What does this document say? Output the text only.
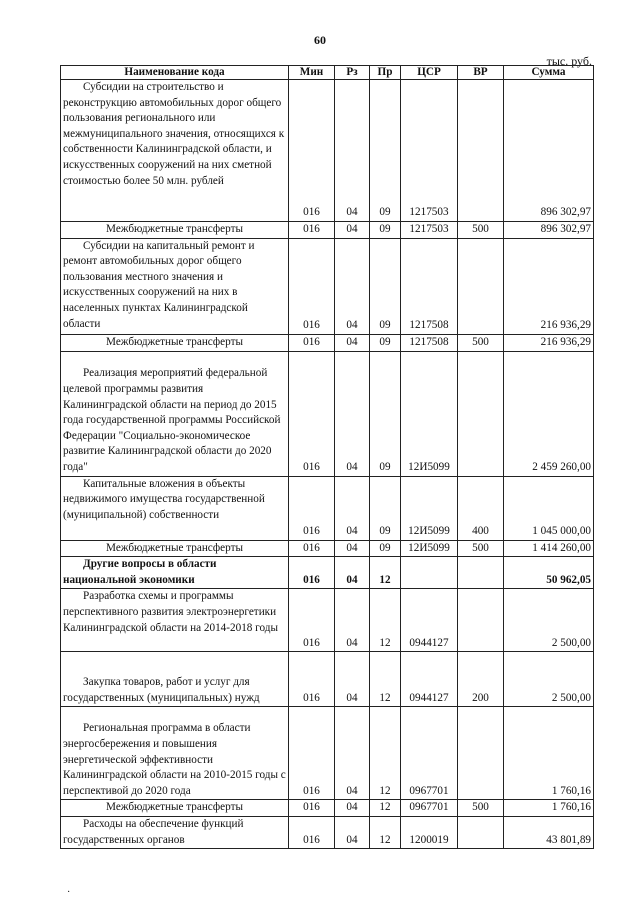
60
тыс. руб.
Наименование кода	Мин	Рз	Пр	ЦСР	ВР	Сумма

Субсидии на строительство и реконструкцию автомобильных дорог общего пользования регионального или межмуниципального значения, относящихся к собственности Калининградской области, и искусственных сооружений на них сметной стоимостью более 50 млн. рублей	016	04	09	1217503		896 302,97
Межбюджетные трансферты	016	04	09	1217503	500	896 302,97

Субсидии на капитальный ремонт и ремонт автомобильных дорог общего пользования местного значения и искусственных сооружений на них в населенных пунктах Калининградской области	016	04	09	1217508		216 936,29
Межбюджетные трансферты	016	04	09	1217508	500	216 936,29

Реализация мероприятий федеральной целевой программы развития Калининградской области на период до 2015 года государственной программы Российской Федерации "Социально-экономическое развитие Калининградской области до 2020 года"	016	04	09	12И5099		2 459 260,00

Капитальные вложения в объекты недвижимого имущества государственной (муниципальной) собственности	016	04	09	12И5099	400	1 045 000,00
Межбюджетные трансферты	016	04	09	12И5099	500	1 414 260,00

Другие вопросы в области национальной экономики	016	04	12			50 962,05

Разработка схемы и программы перспективного развития электроэнергетики Калининградской области на 2014-2018 годы	016	04	12	0944127		2 500,00

Закупка товаров, работ и услуг для государственных (муниципальных) нужд	016	04	12	0944127	200	2 500,00

Региональная программа в области энергосбережения и повышения энергетической эффективности Калининградской области на 2010-2015 годы с перспективой до 2020 года	016	04	12	0967701		1 760,16
Межбюджетные трансферты	016	04	12	0967701	500	1 760,16

Расходы на обеспечение функций государственных органов	016	04	12	1200019		43 801,89
·
